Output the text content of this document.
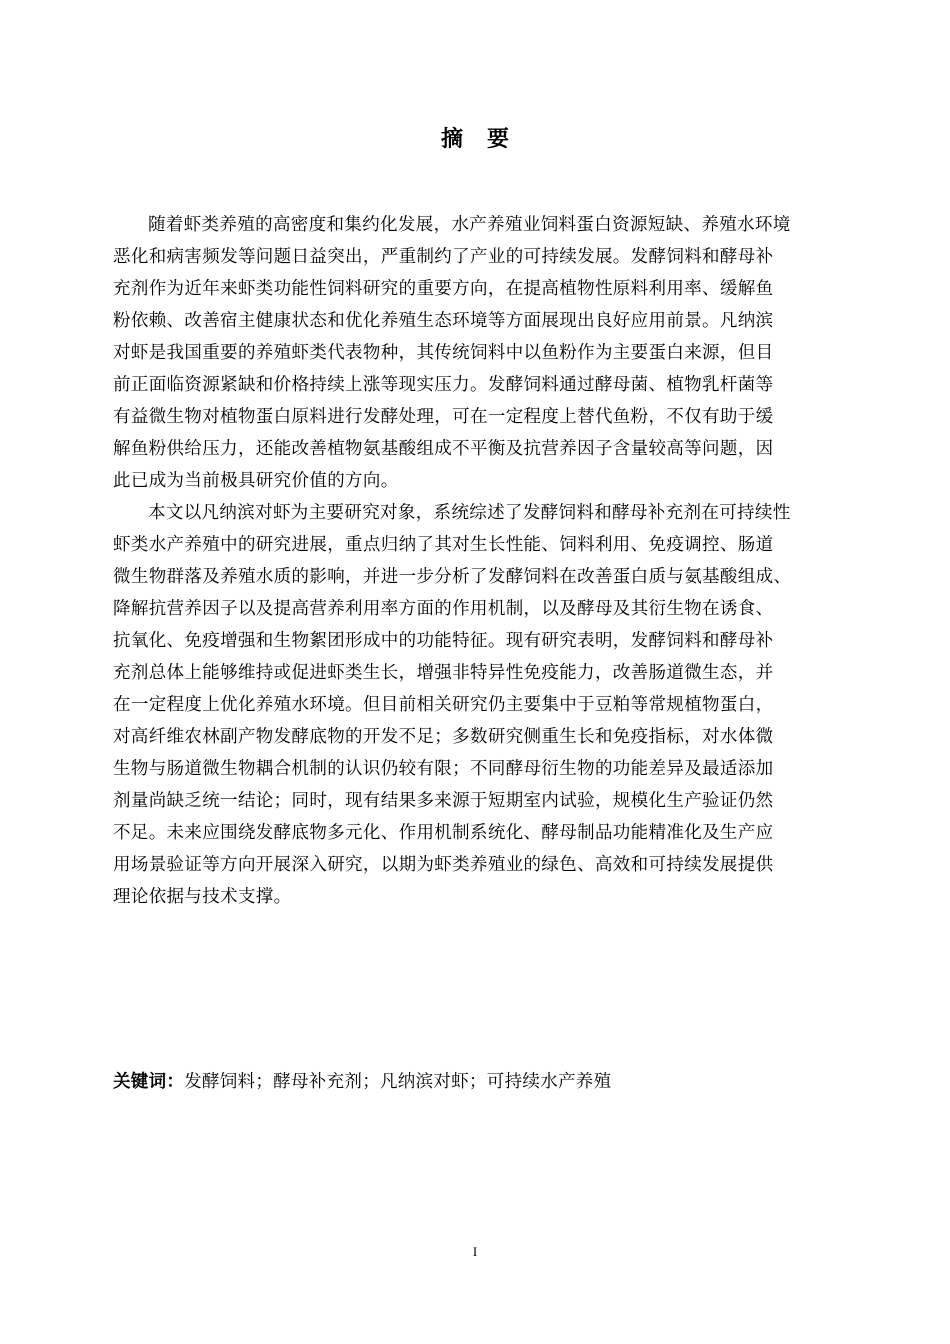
摘要
随着虾类养殖的高密度和集约化发展，水产养殖业饲料蛋白资源短缺、养殖水环境
恶化和病害频发等问题日益突出，严重制约了产业的可持续发展。发酵饲料和酵母补
充剂作为近年来虾类功能性饲料研究的重要方向，在提高植物性原料利用率、缓解鱼
粉依赖、改善宿主健康状态和优化养殖生态环境等方面展现出良好应用前景。凡纳滨
对虾是我国重要的养殖虾类代表物种，其传统饲料中以鱼粉作为主要蛋白来源，但目
前正面临资源紧缺和价格持续上涨等现实压力。发酵饲料通过酵母菌、植物乳杆菌等
有益微生物对植物蛋白原料进行发酵处理，可在一定程度上替代鱼粉，不仅有助于缓
解鱼粉供给压力，还能改善植物氨基酸组成不平衡及抗营养因子含量较高等问题，因
此已成为当前极具研究价值的方向。
本文以凡纳滨对虾为主要研究对象，系统综述了发酵饲料和酵母补充剂在可持续性
虾类水产养殖中的研究进展，重点归纳了其对生长性能、饲料利用、免疫调控、肠道
微生物群落及养殖水质的影响，并进一步分析了发酵饲料在改善蛋白质与氨基酸组成、
降解抗营养因子以及提高营养利用率方面的作用机制，以及酵母及其衍生物在诱食、
抗氧化、免疫增强和生物絮团形成中的功能特征。现有研究表明，发酵饲料和酵母补
充剂总体上能够维持或促进虾类生长，增强非特异性免疫能力，改善肠道微生态，并
在一定程度上优化养殖水环境。但目前相关研究仍主要集中于豆粕等常规植物蛋白，
对高纤维农林副产物发酵底物的开发不足；多数研究侧重生长和免疫指标，对水体微
生物与肠道微生物耦合机制的认识仍较有限；不同酵母衍生物的功能差异及最适添加
剂量尚缺乏统一结论；同时，现有结果多来源于短期室内试验，规模化生产验证仍然
不足。未来应围绕发酵底物多元化、作用机制系统化、酵母制品功能精准化及生产应
用场景验证等方向开展深入研究，以期为虾类养殖业的绿色、高效和可持续发展提供
理论依据与技术支撑。
关键词：发酵饲料；酵母补充剂；凡纳滨对虾；可持续水产养殖
I
